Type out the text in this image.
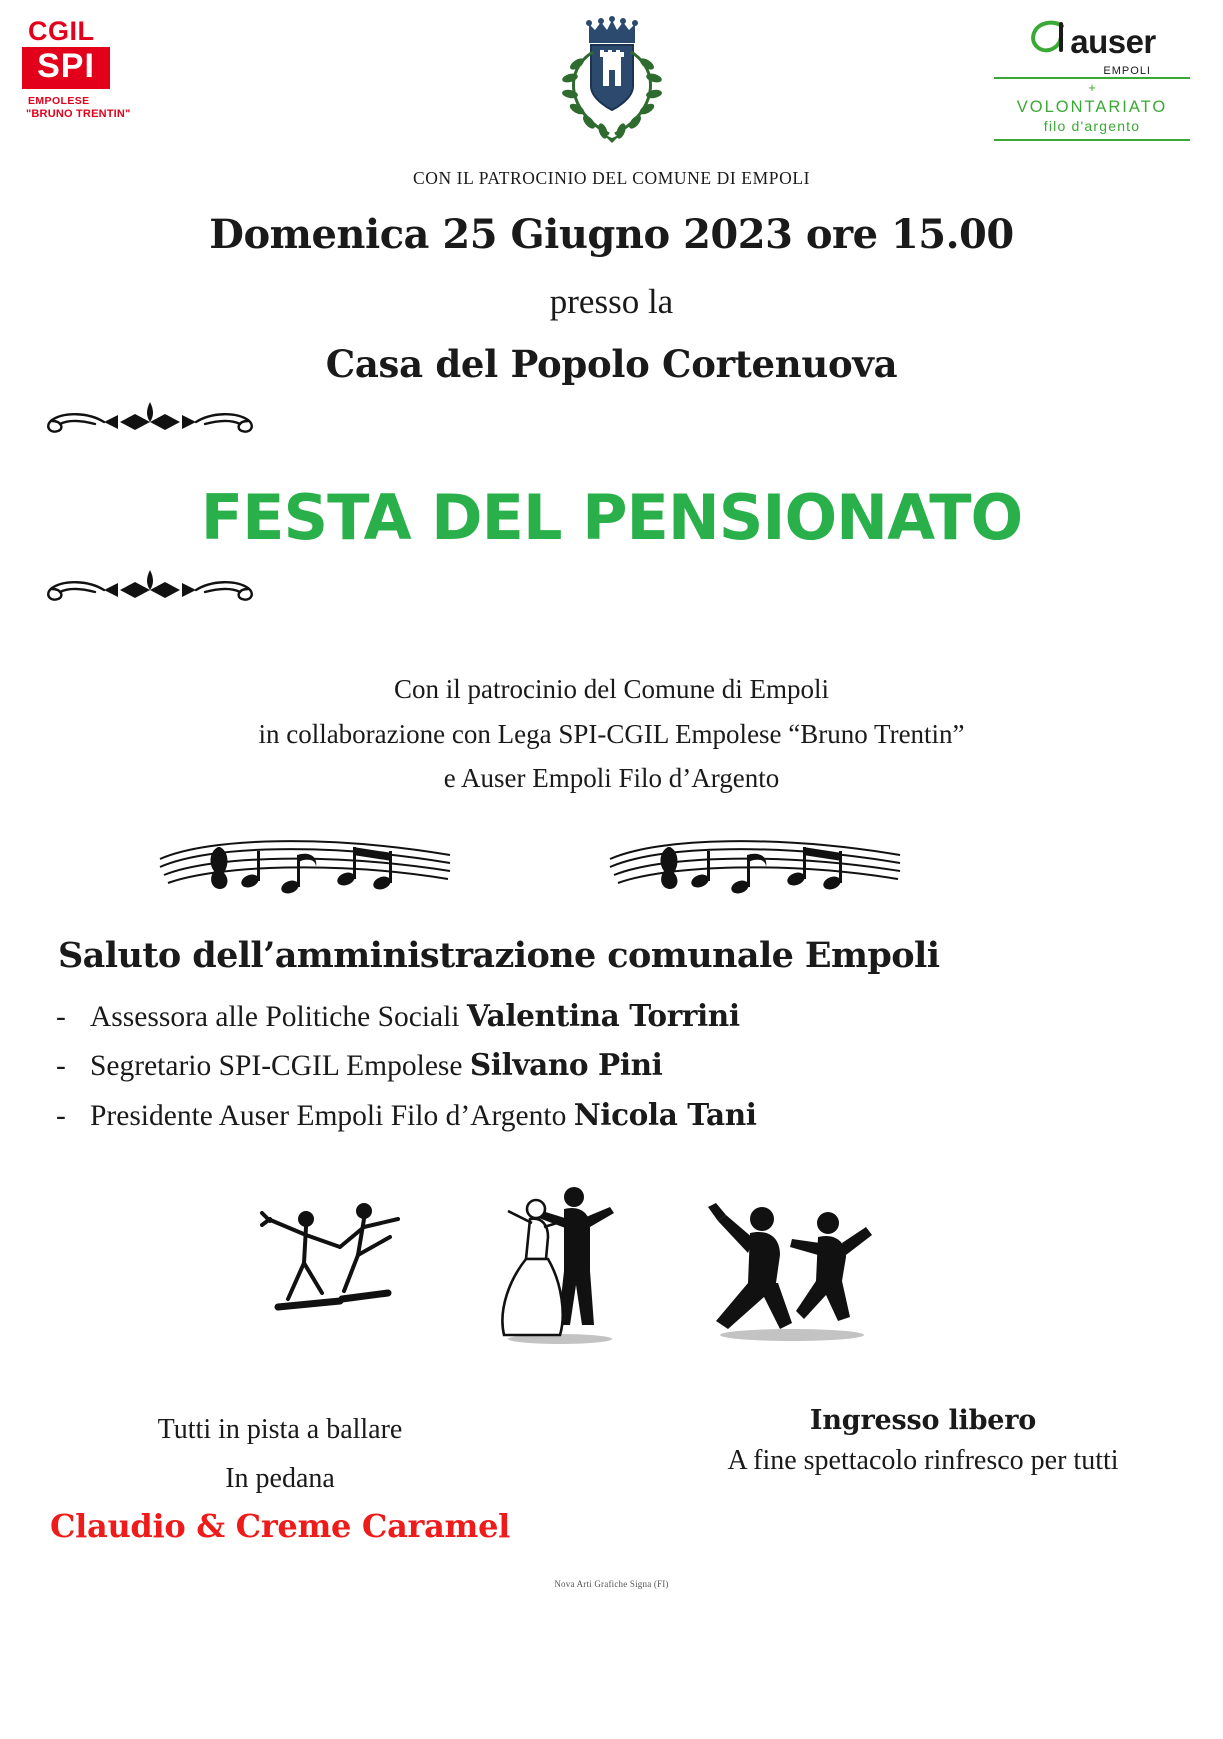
CGIL
SPI
EMPOLESE
"BRUNO TRENTIN"
auser
EMPOLI
+
VOLONTARIATO
filo d'argento
CON IL PATROCINIO DEL COMUNE DI EMPOLI
Domenica 25 Giugno 2023 ore 15.00
presso la
Casa del Popolo Cortenuova
FESTA DEL PENSIONATO
Con il patrocinio del Comune di Empoli
in collaborazione con Lega SPI-CGIL Empolese “Bruno Trentin”
e Auser Empoli Filo d’Argento
Saluto dell’amministrazione comunale Empoli
- Assessora alle Politiche Sociali Valentina Torrini
- Segretario SPI-CGIL Empolese Silvano Pini
- Presidente Auser Empoli Filo d’Argento Nicola Tani
Tutti in pista a ballare
In pedana
Claudio & Creme Caramel
Ingresso libero
A fine spettacolo rinfresco per tutti
Nova Arti Grafiche Signa (FI)
